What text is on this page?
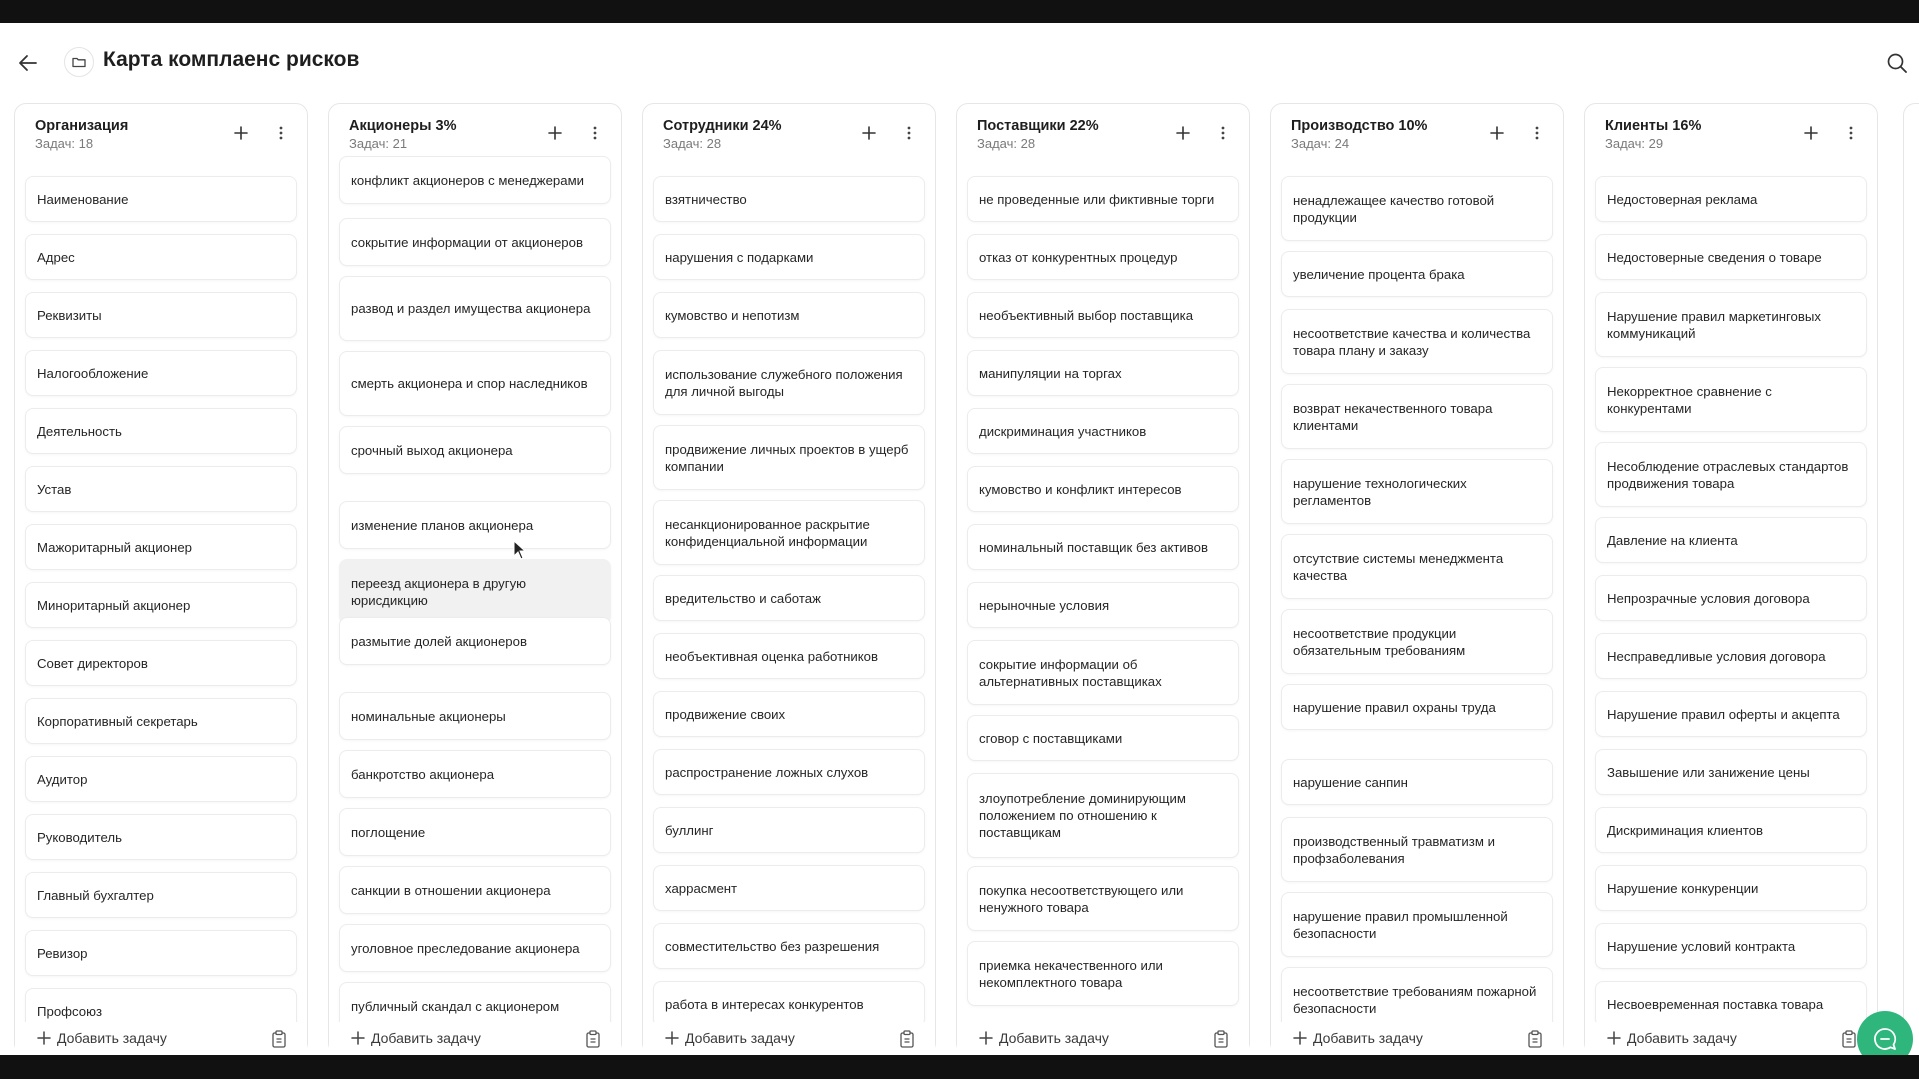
Карта комплаенс рисков
Организация
Задач: 18
Наименование
Адрес
Реквизиты
Налогообложение
Деятельность
Устав
Мажоритарный акционер
Миноритарный акционер
Совет директоров
Корпоративный секретарь
Аудитор
Руководитель
Главный бухгалтер
Ревизор
Профсоюз
Добавить задачу
Акционеры 3%
Задач: 21
конфликт акционеров с менеджерами
сокрытие информации от акционеров
развод и раздел имущества акционера
смерть акционера и спор наследников
срочный выход акционера
изменение планов акционера
переезд акционера в другую юрисдикцию
размытие долей акционеров
номинальные акционеры
банкротство акционера
поглощение
санкции в отношении акционера
уголовное преследование акционера
публичный скандал с акционером
Добавить задачу
Сотрудники 24%
Задач: 28
взятничество
нарушения с подарками
кумовство и непотизм
использование служебного положения для личной выгоды
продвижение личных проектов в ущерб компании
несанкционированное раскрытие конфиденциальной информации
вредительство и саботаж
необъективная оценка работников
продвижение своих
распространение ложных слухов
буллинг
харрасмент
совместительство без разрешения
работа в интересах конкурентов
Добавить задачу
Поставщики 22%
Задач: 28
не проведенные или фиктивные торги
отказ от конкурентных процедур
необъективный выбор поставщика
манипуляции на торгах
дискриминация участников
кумовство и конфликт интересов
номинальный поставщик без активов
нерыночные условия
сокрытие информации об альтернативных поставщиках
сговор с поставщиками
злоупотребление доминирующим положением по отношению к поставщикам
покупка несоответствующего или ненужного товара
приемка некачественного или некомплектного товара
Добавить задачу
Производство 10%
Задач: 24
ненадлежащее качество готовой продукции
увеличение процента брака
несоответствие качества и количества товара плану и заказу
возврат некачественного товара клиентами
нарушение технологических регламентов
отсутствие системы менеджмента качества
несоответствие продукции обязательным требованиям
нарушение правил охраны труда
нарушение санпин
производственный травматизм и профзаболевания
нарушение правил промышленной безопасности
несоответствие требованиям пожарной безопасности
Добавить задачу
Клиенты 16%
Задач: 29
Недостоверная реклама
Недостоверные сведения о товаре
Нарушение правил маркетинговых коммуникаций
Некорректное сравнение с конкурентами
Несоблюдение отраслевых стандартов продвижения товара
Давление на клиента
Непрозрачные условия договора
Несправедливые условия договора
Нарушение правил оферты и акцепта
Завышение или занижение цены
Дискриминация клиентов
Нарушение конкуренции
Нарушение условий контракта
Несвоевременная поставка товара
Добавить задачу
